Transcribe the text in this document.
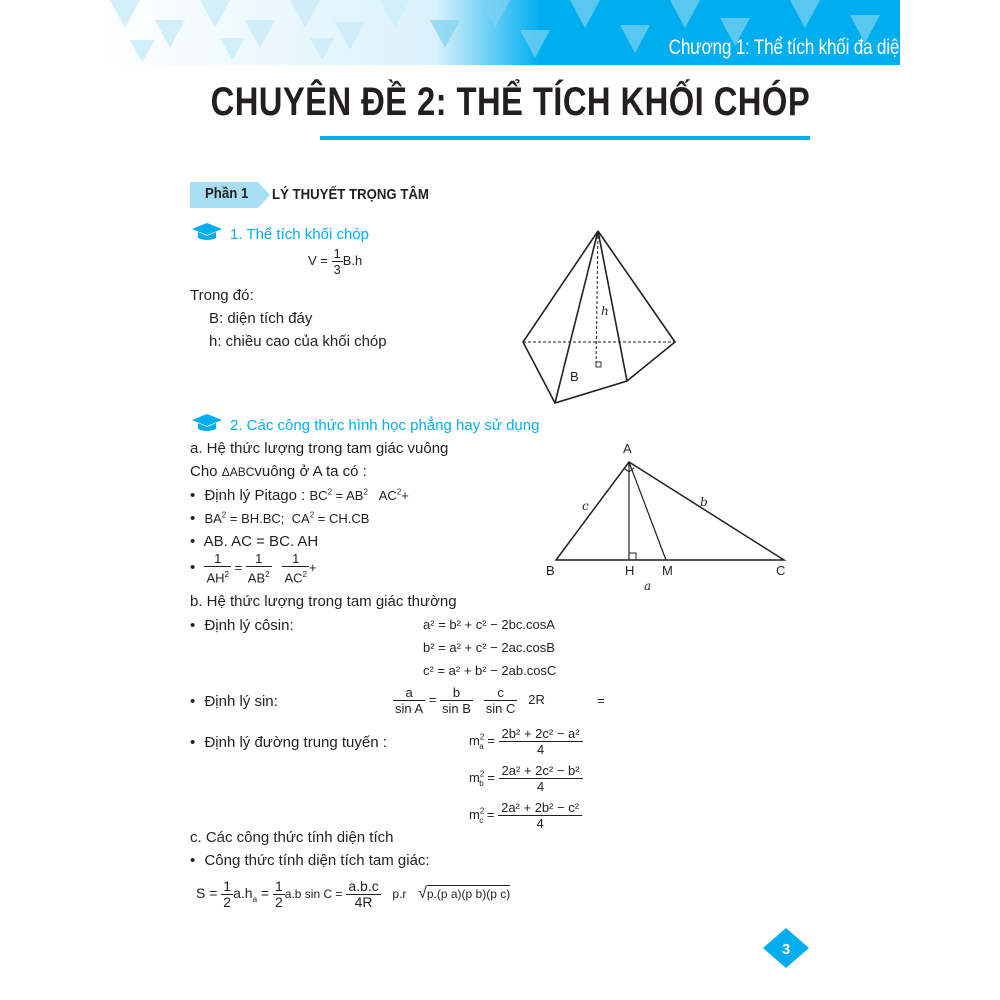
Chương 1: Thể tích khối đa diện
CHUYÊN ĐỀ 2: THỂ TÍCH KHỐI CHÓP
Phần 1 LÝ THUYẾT TRỌNG TÂM
1. Thể tích khối chóp
$V = \frac{1}{3} B.h$
Trong đó:
B: diện tích đáy
h: chiều cao của khối chóp
h
B
2. Các công thức hình học phẳng hay sử dụng
a. Hệ thức lượng trong tam giác vuông
Cho ΔABCvuông ở A ta có :
• Định lý Pitago : $BC^2 = AB^2$ $AC^2+$
• $BA^2 = BH.BC$; $CA^2 = CH.CB$
• AB. AC = BC. AH

• $\frac{1}{AH^2} = \frac{1}{AB^2}$
$\frac{1}{AC^2}$ +
A
B	C
H M
a
b
c
b. Hệ thức lượng trong tam giác thường
• Định lý côsin:	a² = b² + c² − 2bc.cosA
b² = a² + c² − 2ac.cosB
c² = a² + b² − 2ab.cosC
• Định lý sin:	$\frac{a}{\text{sin A}} = \frac{b}{\text{sin B}}$
$\frac{c}{\text{sin C}} 2R$	=
• Định lý đường trung tuyến :	$m^2_a = \frac{\text{2b² + 2c² − a²}}{4}$
$m^2_b = \frac{\text{2a² + 2c² − b²}}{4}$
$m^2_c = \frac{\text{2a² + 2b² − c²}}{4}$
c. Các công thức tính diện tích
• Công thức tính diện tích tam giác:
$S = \frac{1}{2} a.h_a = \frac{1}{2} a.b$ $\sin C = \frac{a.b.c}{4R} p.r$ √p.(p a)(p b)(p c)
3
